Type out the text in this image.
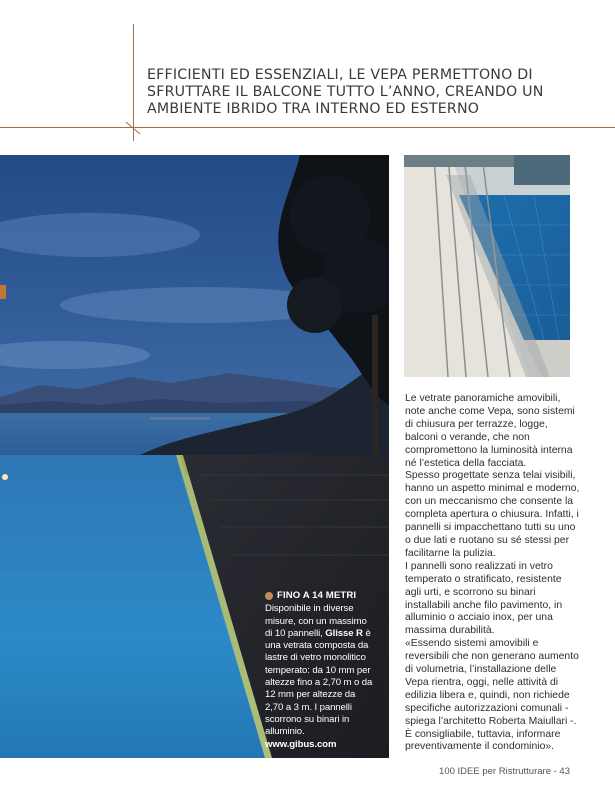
EFFICIENTI ED ESSENZIALI, LE VEPA PERMETTONO DI SFRUTTARE IL BALCONE TUTTO L’ANNO, CREANDO UN AMBIENTE IBRIDO TRA INTERNO ED ESTERNO
FINO A 14 METRI
Disponibile in diverse misure, con un massimo di 10 pannelli, Glisse R è una vetrata composta da lastre di vetro monolitico temperato: da 10 mm per altezze fino a 2,70 m o da 12 mm per altezze da 2,70 a 3 m. I pannelli scorrono su binari in alluminio.
www.gibus.com

Le vetrate panoramiche amovibili, note anche come Vepa, sono sistemi di chiusura per terrazze, logge, balconi o verande, che non compromettono la luminosità interna né l’estetica della facciata.

Spesso progettate senza telai visibili, hanno un aspetto minimal e moderno, con un meccanismo che consente la completa apertura o chiusura. Infatti, i pannelli si impacchettano tutti su uno o due lati e ruotano su sé stessi per facilitarne la pulizia.

I pannelli sono realizzati in vetro temperato o stratificato, resistente agli urti, e scorrono su binari installabili anche filo pavimento, in alluminio o acciaio inox, per una massima durabilità.

«Essendo sistemi amovibili e reversibili che non generano aumento di volumetria, l’installazione delle Vepa rientra, oggi, nelle attività di edilizia libera e, quindi, non richiede specifiche autorizzazioni comunali - spiega l’architetto Roberta Maiullari -. È consigliabile, tuttavia, informare preventivamente il condominio».

100 IDEE per Ristrutturare - 43
